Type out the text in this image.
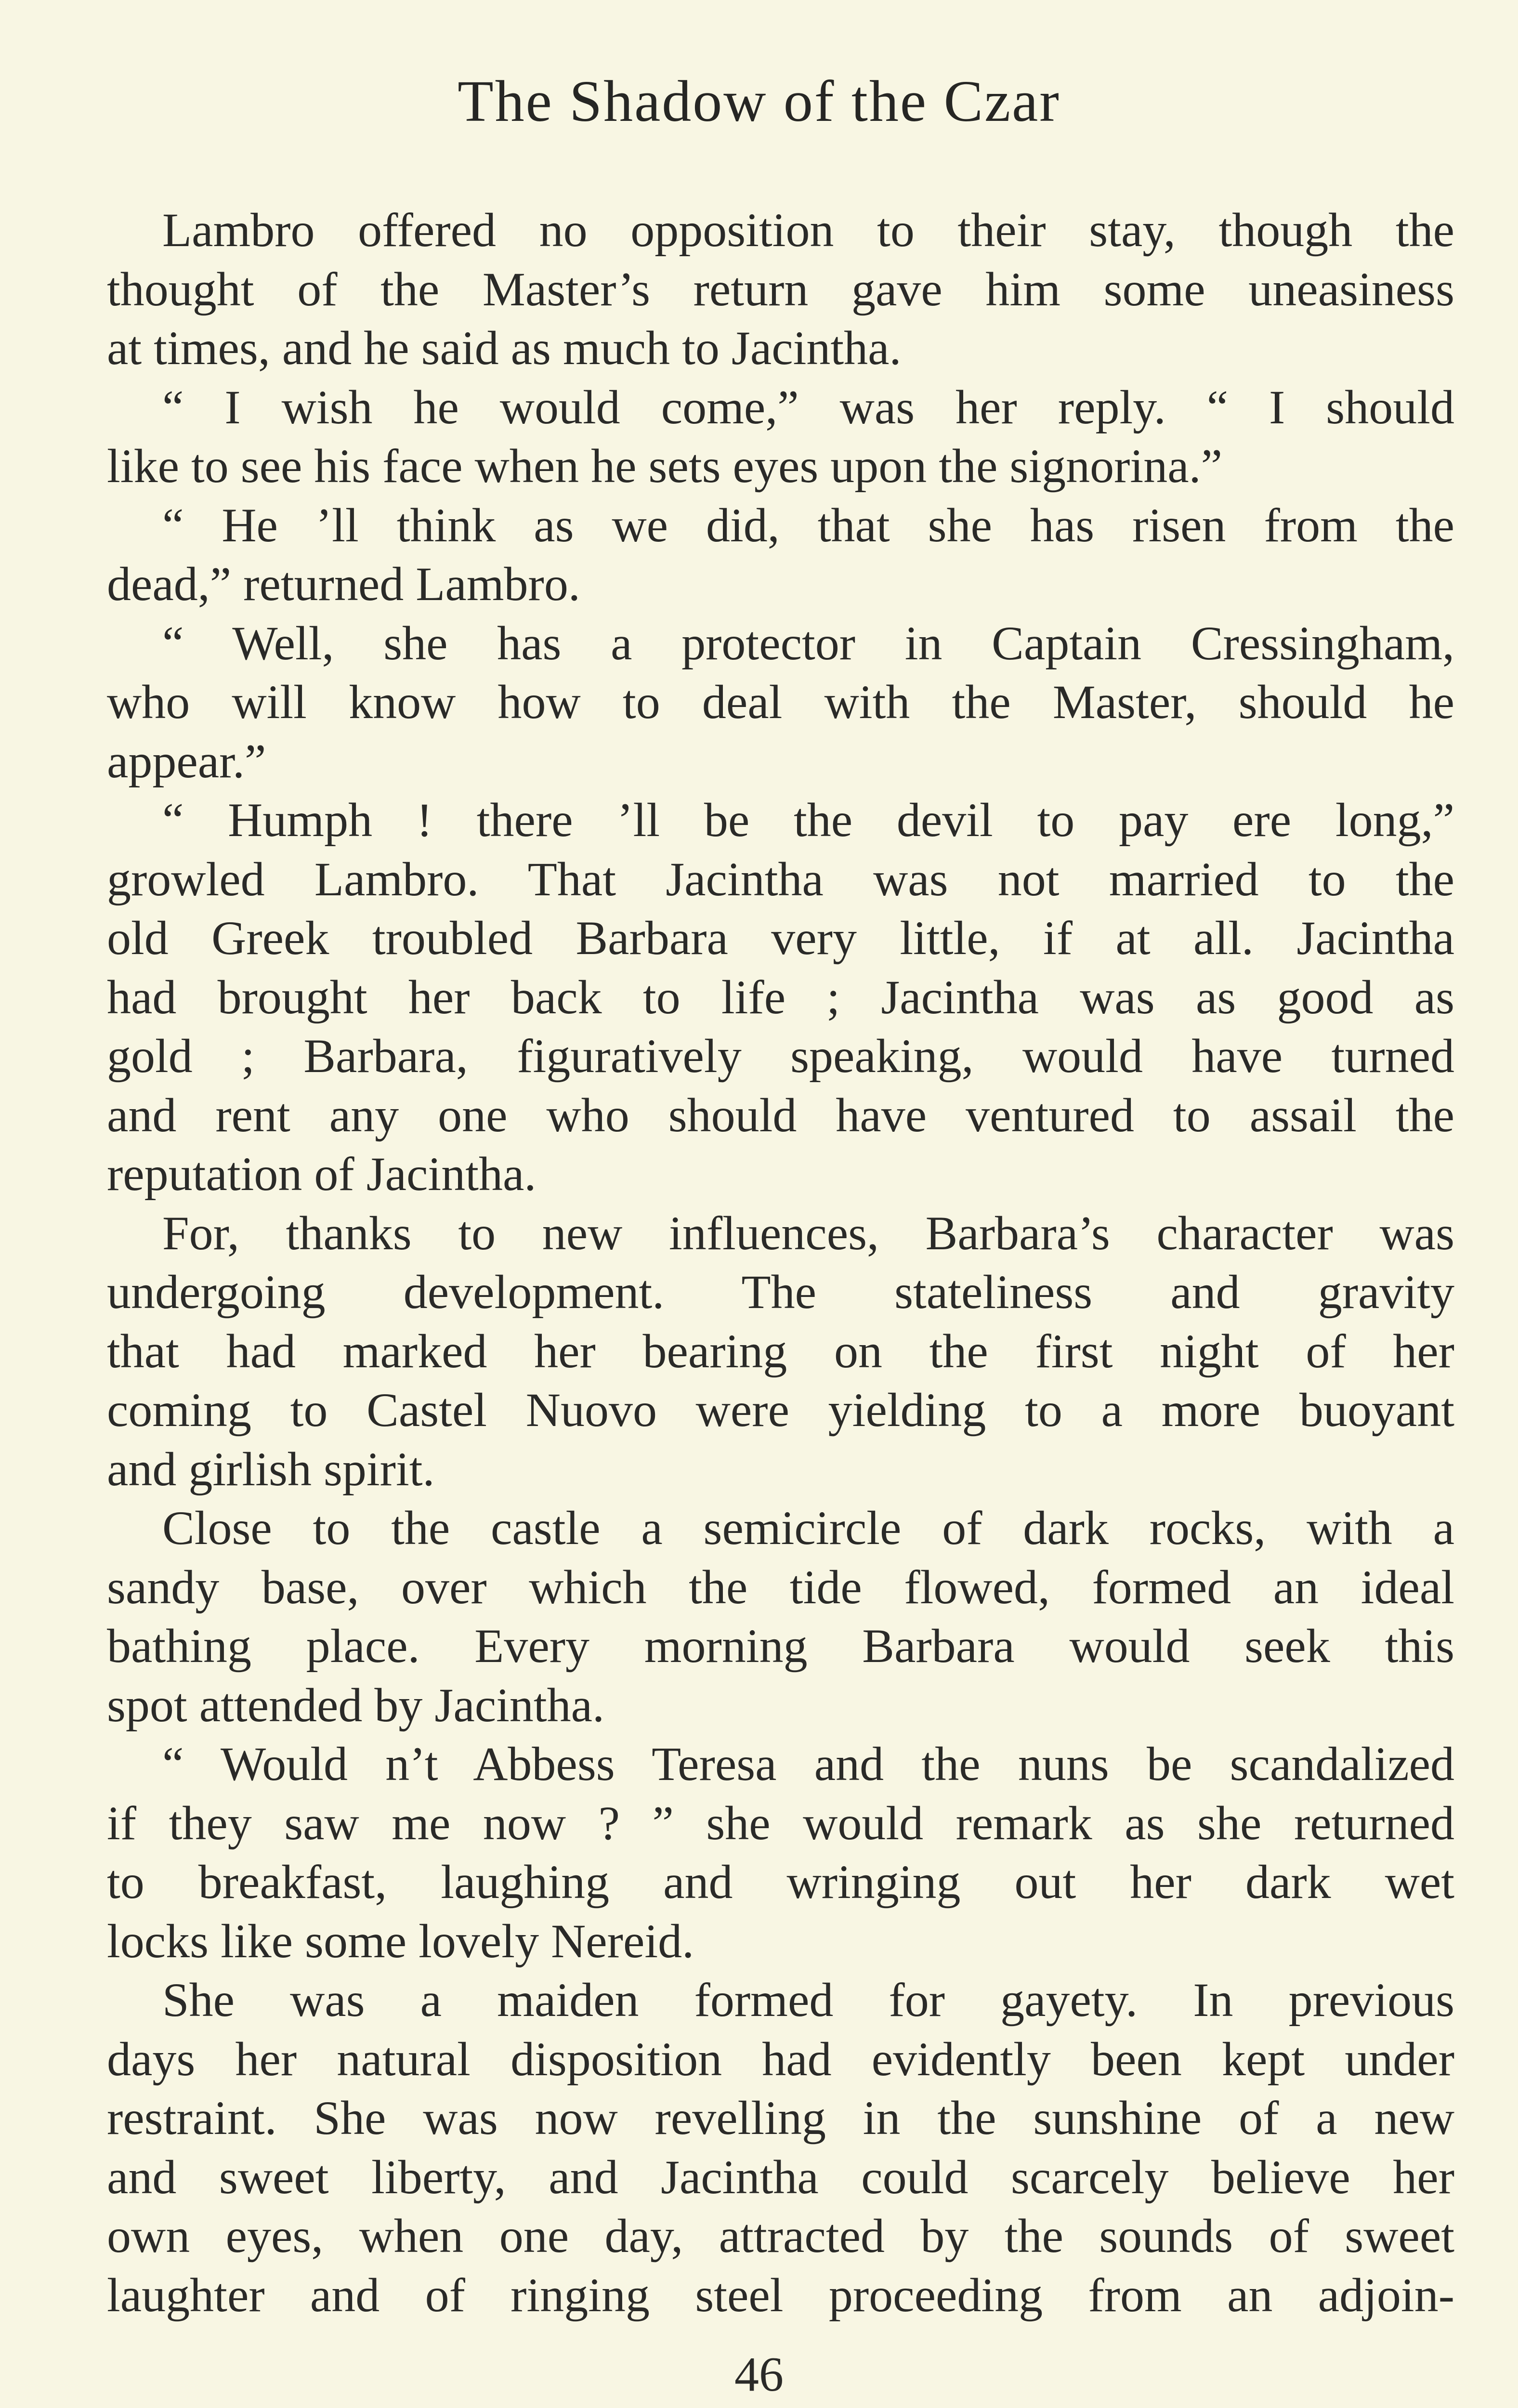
The Shadow of the Czar
Lambro offered no opposition to their stay, though the
thought of the Master’s return gave him some uneasiness
at times, and he said as much to Jacintha.
“ I wish he would come,” was her reply. “ I should
like to see his face when he sets eyes upon the signorina.”
“ He ’ll think as we did, that she has risen from the
dead,” returned Lambro.
“ Well, she has a protector in Captain Cressingham,
who will know how to deal with the Master, should he
appear.”
“ Humph ! there ’ll be the devil to pay ere long,”
growled Lambro. That Jacintha was not married to the
old Greek troubled Barbara very little, if at all. Jacintha
had brought her back to life ; Jacintha was as good as
gold ; Barbara, figuratively speaking, would have turned
and rent any one who should have ventured to assail the
reputation of Jacintha.
For, thanks to new influences, Barbara’s character was
undergoing development. The stateliness and gravity
that had marked her bearing on the first night of her
coming to Castel Nuovo were yielding to a more buoyant
and girlish spirit.
Close to the castle a semicircle of dark rocks, with a
sandy base, over which the tide flowed, formed an ideal
bathing place. Every morning Barbara would seek this
spot attended by Jacintha.
“ Would n’t Abbess Teresa and the nuns be scandalized
if they saw me now ? ” she would remark as she returned
to breakfast, laughing and wringing out her dark wet
locks like some lovely Nereid.
She was a maiden formed for gayety. In previous
days her natural disposition had evidently been kept under
restraint. She was now revelling in the sunshine of a new
and sweet liberty, and Jacintha could scarcely believe her
own eyes, when one day, attracted by the sounds of sweet
laughter and of ringing steel proceeding from an adjoin-
46
